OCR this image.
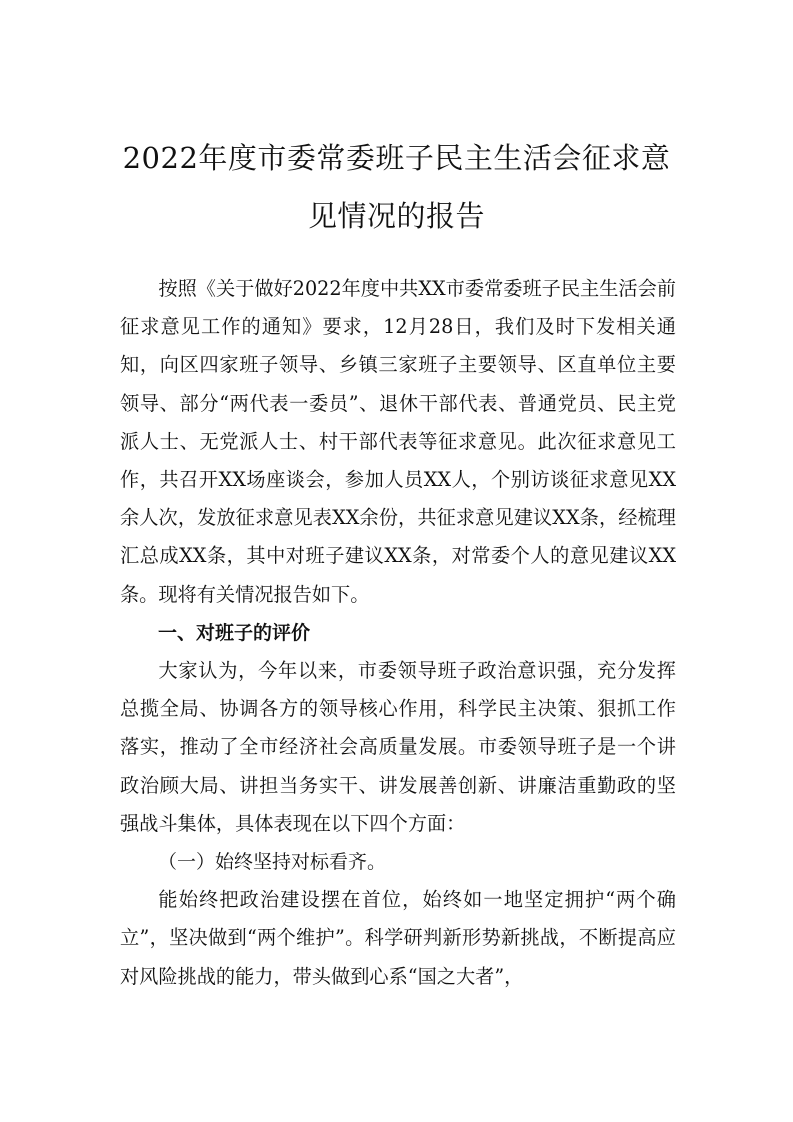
2022年度市委常委班子民主生活会征求意
见情况的报告

按照《关于做好2022年度中共XX市委常委班子民主生活会前征求意见工作的通知》要求，12月28日，我们及时下发相关通知，向区四家班子领导、乡镇三家班子主要领导、区直单位主要领导、部分“两代表一委员”、退休干部代表、普通党员、民主党派人士、无党派人士、村干部代表等征求意见。此次征求意见工作，共召开XX场座谈会，参加人员XX人，个别访谈征求意见XX余人次，发放征求意见表XX余份，共征求意见建议XX条，经梳理汇总成XX条，其中对班子建议XX条，对常委个人的意见建议XX条。现将有关情况报告如下。

一、对班子的评价

大家认为，今年以来，市委领导班子政治意识强，充分发挥总揽全局、协调各方的领导核心作用，科学民主决策、狠抓工作落实，推动了全市经济社会高质量发展。市委领导班子是一个讲政治顾大局、讲担当务实干、讲发展善创新、讲廉洁重勤政的坚强战斗集体，具体表现在以下四个方面：

（一）始终坚持对标看齐。

能始终把政治建设摆在首位，始终如一地坚定拥护“两个确立”，坚决做到“两个维护”。科学研判新形势新挑战，不断提高应对风险挑战的能力，带头做到心系“国之大者”，
